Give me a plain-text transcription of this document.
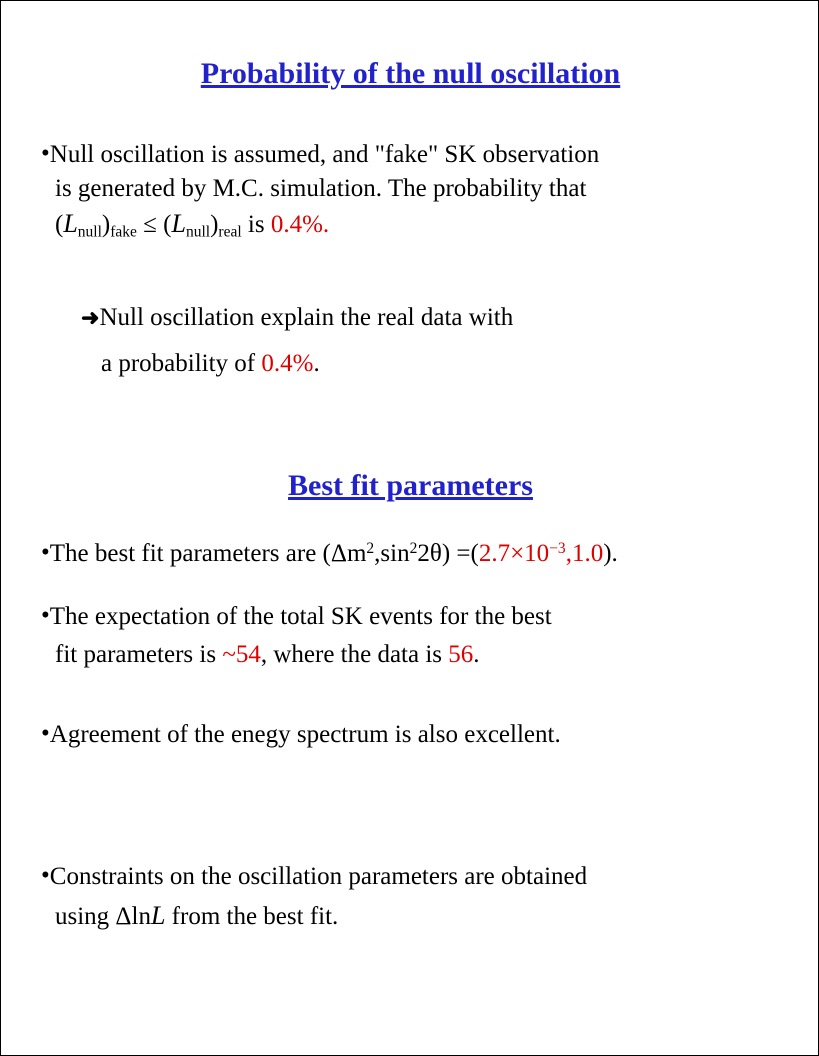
Probability of the null oscillation
•Null oscillation is assumed, and "fake" SK observation
is generated by M.C. simulation. The probability that
$(L_{null})_{fake} \le (L_{null})_{real}$ is 0.4%.
➜Null oscillation explain the real data with
a probability of 0.4%.
Best fit parameters
•The best fit parameters are $(\Delta m^2,\sin^22\theta) =(2.7\times 10^{-3},1.0)$.
•The expectation of the total SK events for the best
fit parameters is ~54, where the data is 56.
•Agreement of the enegy spectrum is also excellent.
•Constraints on the oscillation parameters are obtained
using ΔlnL from the best fit.
